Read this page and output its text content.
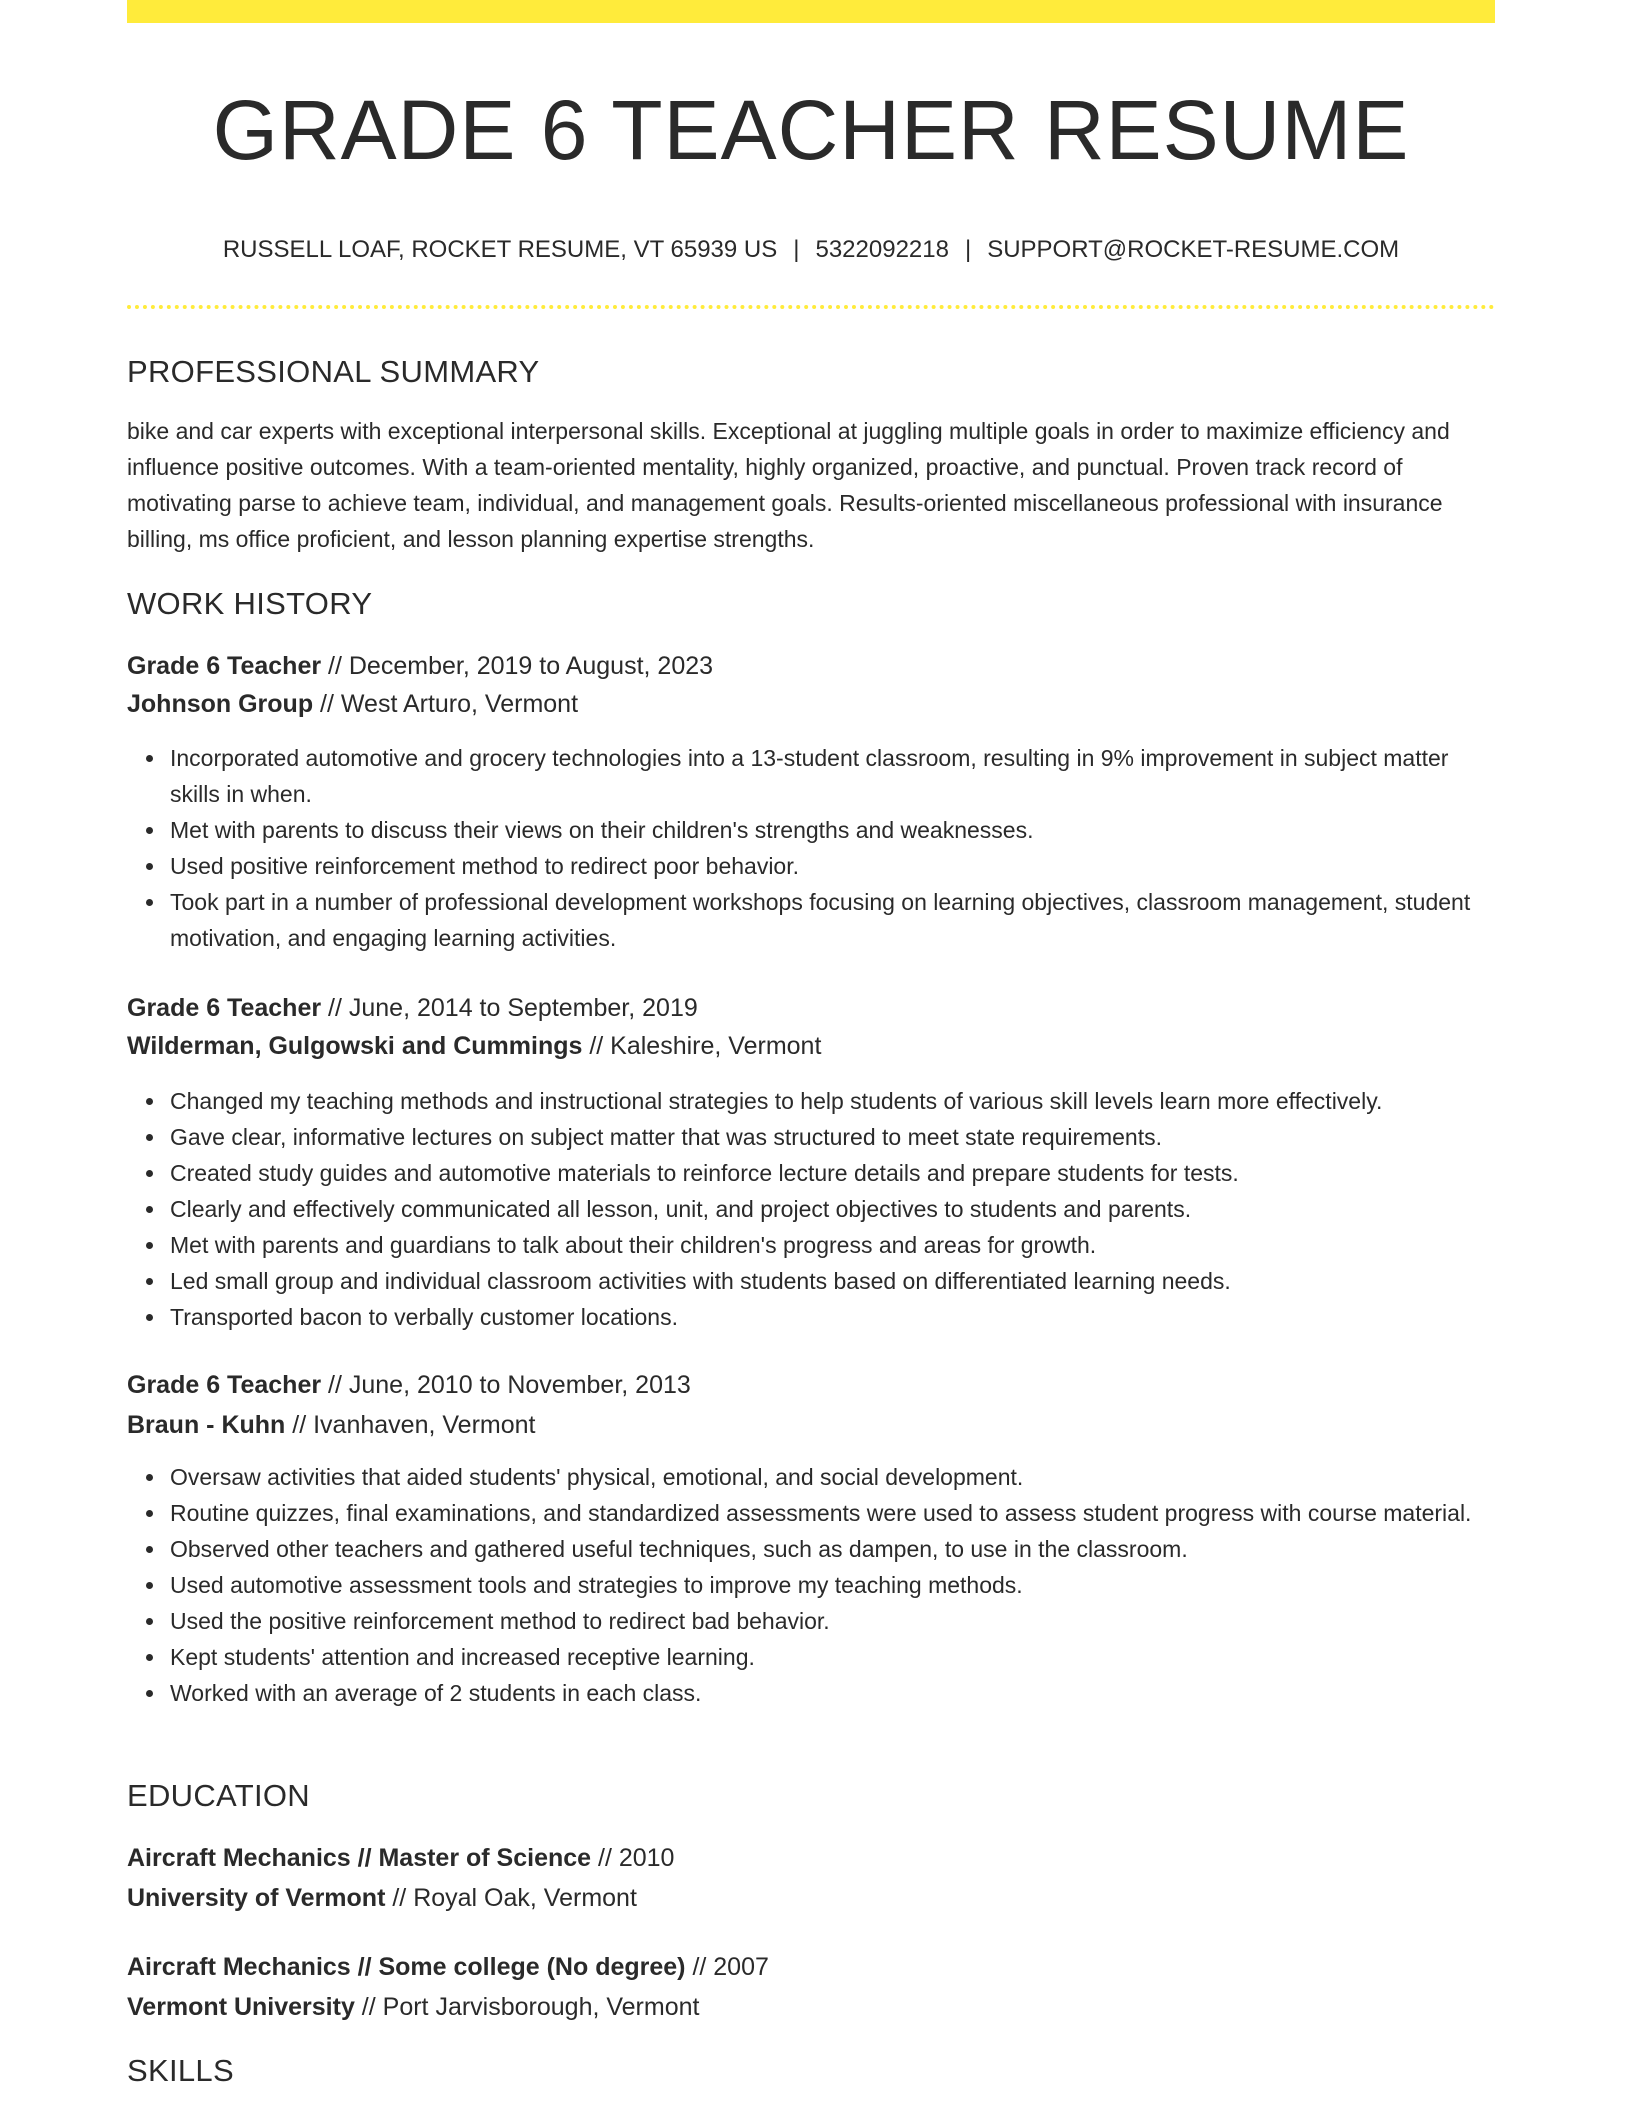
GRADE 6 TEACHER RESUME
RUSSELL LOAF, ROCKET RESUME, VT 65939 US | 5322092218 | SUPPORT@ROCKET-RESUME.COM
PROFESSIONAL SUMMARY

bike and car experts with exceptional interpersonal skills. Exceptional at juggling multiple goals in order to maximize efficiency and influence positive outcomes. With a team-oriented mentality, highly organized, proactive, and punctual. Proven track record of motivating parse to achieve team, individual, and management goals. Results-oriented miscellaneous professional with insurance billing, ms office proficient, and lesson planning expertise strengths.

WORK HISTORY
Grade 6 Teacher // December, 2019 to August, 2023
Johnson Group // West Arturo, Vermont
Incorporated automotive and grocery technologies into a 13-student classroom, resulting in 9% improvement in subject matter skills in when.
Met with parents to discuss their views on their children's strengths and weaknesses.
Used positive reinforcement method to redirect poor behavior.
Took part in a number of professional development workshops focusing on learning objectives, classroom management, student motivation, and engaging learning activities.
Grade 6 Teacher // June, 2014 to September, 2019
Wilderman, Gulgowski and Cummings // Kaleshire, Vermont
Changed my teaching methods and instructional strategies to help students of various skill levels learn more effectively.
Gave clear, informative lectures on subject matter that was structured to meet state requirements.
Created study guides and automotive materials to reinforce lecture details and prepare students for tests.
Clearly and effectively communicated all lesson, unit, and project objectives to students and parents.
Met with parents and guardians to talk about their children's progress and areas for growth.
Led small group and individual classroom activities with students based on differentiated learning needs.
Transported bacon to verbally customer locations.
Grade 6 Teacher // June, 2010 to November, 2013
Braun - Kuhn // Ivanhaven, Vermont
Oversaw activities that aided students' physical, emotional, and social development.
Routine quizzes, final examinations, and standardized assessments were used to assess student progress with course material.
Observed other teachers and gathered useful techniques, such as dampen, to use in the classroom.
Used automotive assessment tools and strategies to improve my teaching methods.
Used the positive reinforcement method to redirect bad behavior.
Kept students' attention and increased receptive learning.
Worked with an average of 2 students in each class.
EDUCATION
Aircraft Mechanics // Master of Science // 2010
University of Vermont // Royal Oak, Vermont
Aircraft Mechanics // Some college (No degree) // 2007
Vermont University // Port Jarvisborough, Vermont
SKILLS
